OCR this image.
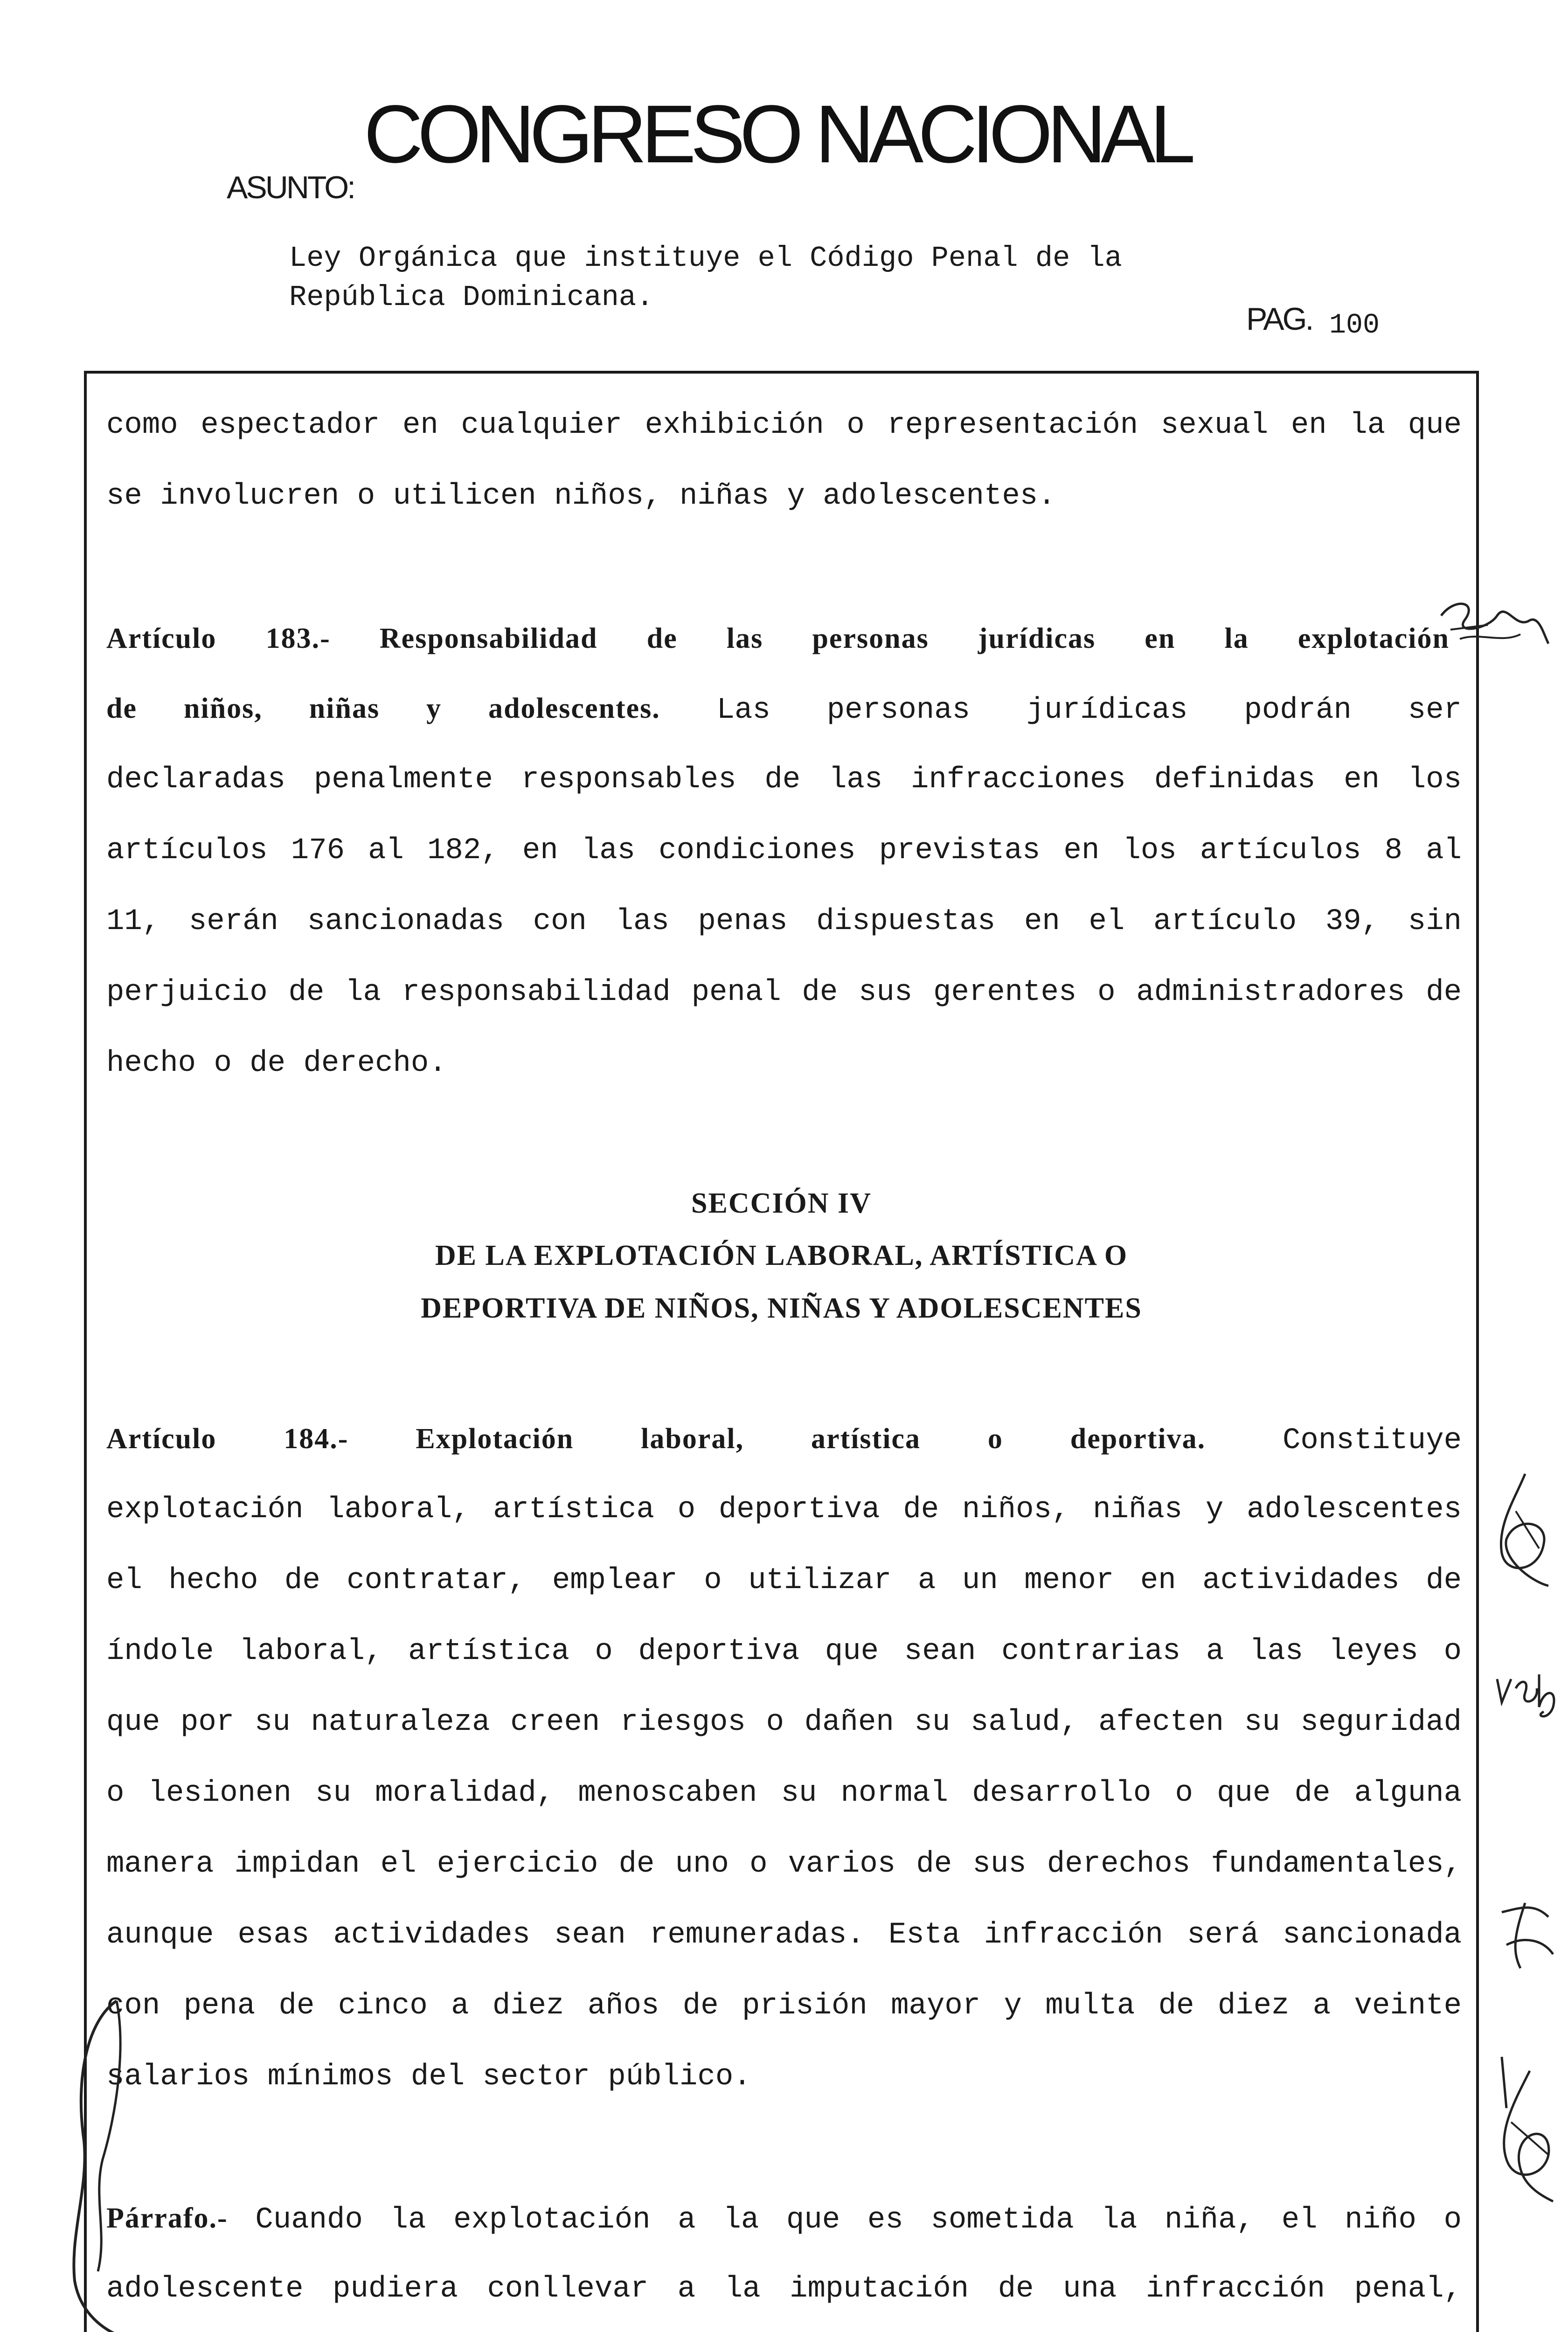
CONGRESO NACIONAL
ASUNTO:
Ley Orgánica que instituye el Código Penal de la
República Dominicana.
PAG. 100
como espectador en cualquier exhibición o representación sexual en la que
se involucren o utilicen niños, niñas y adolescentes.
Artículo 183.- Responsabilidad de las personas jurídicas en la explotación
de niños, niñas y adolescentes. Las personas jurídicas podrán ser
declaradas penalmente responsables de las infracciones definidas en los
artículos 176 al 182, en las condiciones previstas en los artículos 8 al
11, serán sancionadas con las penas dispuestas en el artículo 39, sin
perjuicio de la responsabilidad penal de sus gerentes o administradores de
hecho o de derecho.
SECCIÓN IV
DE LA EXPLOTACIÓN LABORAL, ARTÍSTICA O
DEPORTIVA DE NIÑOS, NIÑAS Y ADOLESCENTES
Artículo 184.- Explotación laboral, artística o deportiva. Constituye
explotación laboral, artística o deportiva de niños, niñas y adolescentes
el hecho de contratar, emplear o utilizar a un menor en actividades de
índole laboral, artística o deportiva que sean contrarias a las leyes o
que por su naturaleza creen riesgos o dañen su salud, afecten su seguridad
o lesionen su moralidad, menoscaben su normal desarrollo o que de alguna
manera impidan el ejercicio de uno o varios de sus derechos fundamentales,
aunque esas actividades sean remuneradas. Esta infracción será sancionada
con pena de cinco a diez años de prisión mayor y multa de diez a veinte
salarios mínimos del sector público.
Párrafo.- Cuando la explotación a la que es sometida la niña, el niño o
adolescente pudiera conllevar a la imputación de una infracción penal,
